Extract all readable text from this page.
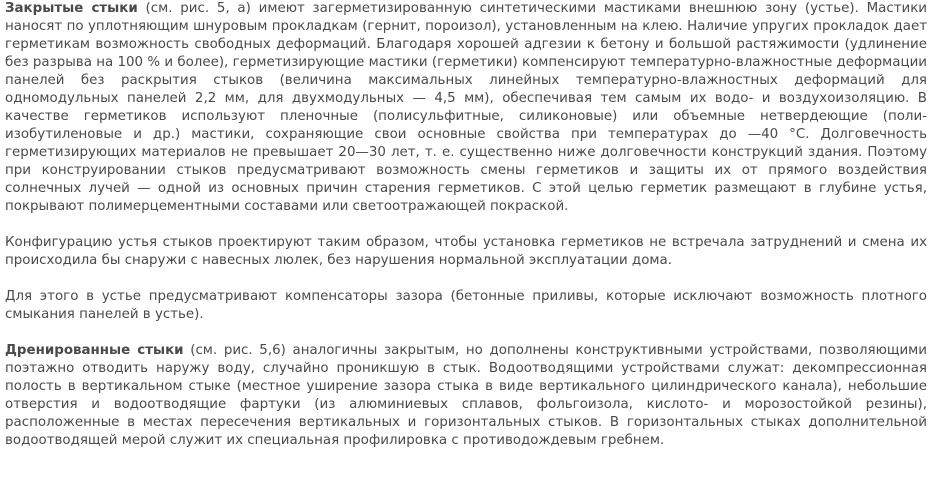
Закрытые стыки (см. рис. 5, а) имеют загерметизированную синтетическими мастиками внешнюю зону (устье). Мастики наносят по уплотняющим шнуровым прокладкам (гернит, пороизол), установленным на клею. Наличие упругих прокладок дает герметикам возможность свободных деформаций. Благодаря хорошей адгезии к бетону и большой растяжимости (удлинение без разрыва на 100 % и более), герметизирующие мастики (герметики) компенсируют температурно-влажностные деформации панелей без раскрытия стыков (величина максимальных линейных температурно-влажностных деформаций для одномодульных панелей 2,2 мм, для двухмодульных — 4,5 мм), обеспечивая тем самым их водо- и воздухоизоляцию. В качестве герметиков используют пленочные (полисульфитные, силиконовые) или объемные нетвердеющие (поли-изобутиленовые и др.) мастики, сохраняющие свои основные свойства при температурах до —40 °С. Долговечность герметизирующих материалов не превышает 20—30 лет, т. е. существенно ниже долговечности конструкций здания. Поэтому при конструировании стыков предусматривают возможность смены герметиков и защиты их от прямого воздействия солнечных лучей — одной из основных причин старения герметиков. С этой целью герметик размещают в глубине устья, покрывают полимерцементными составами или светоотражающей покраской.

Конфигурацию устья стыков проектируют таким образом, чтобы установка герметиков не встречала затруднений и смена их происходила бы снаружи с навесных люлек, без нарушения нормальной эксплуатации дома.

Для этого в устье предусматривают компенсаторы зазора (бетонные приливы, которые исключают возможность плотного смыкания панелей в устье).

Дренированные стыки (см. рис. 5,6) аналогичны закрытым, но дополнены конструктивными устройствами, позволяющими поэтажно отводить наружу воду, случайно проникшую в стык. Водоотводящими устройствами служат: декомпрессионная полость в вертикальном стыке (местное уширение зазора стыка в виде вертикального цилиндрического канала), небольшие отверстия и водоотводящие фартуки (из алюминиевых сплавов, фольгоизола, кислото- и морозостойкой резины), расположенные в местах пересечения вертикальных и горизонтальных стыков. В горизонтальных стыках дополнительной водоотводящей мерой служит их специальная профилировка с противодождевым гребнем.
